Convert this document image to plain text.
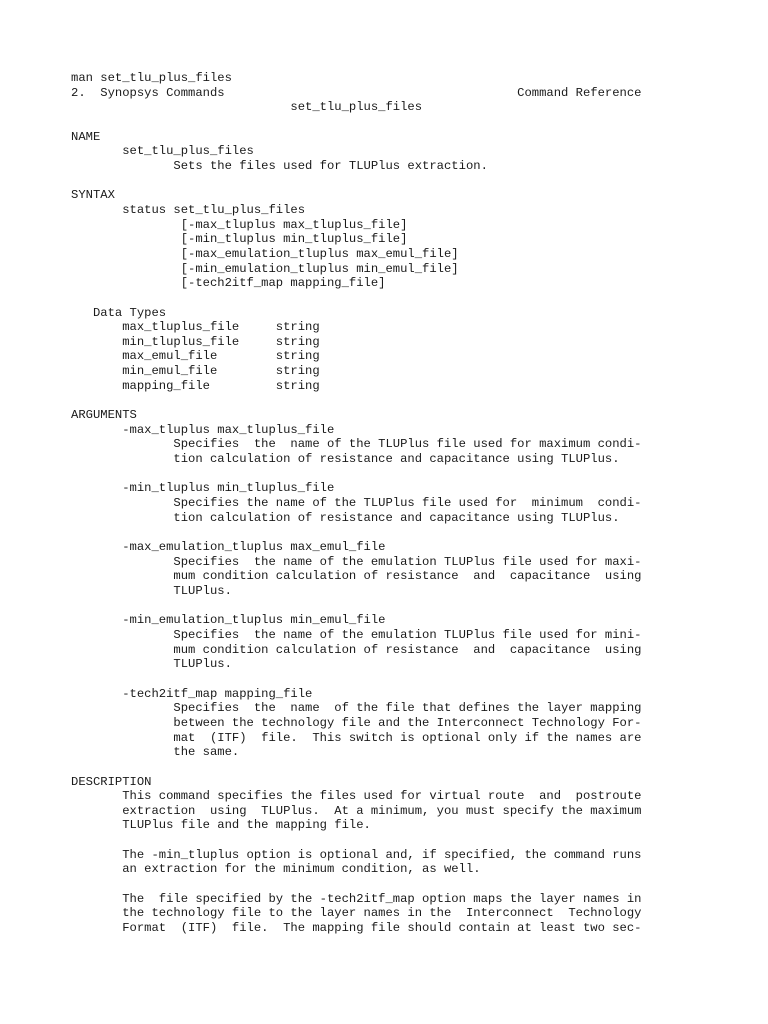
man set_tlu_plus_files
2.  Synopsys Commands                                        Command Reference
set_tlu_plus_files
NAME
set_tlu_plus_files
Sets the files used for TLUPlus extraction.
SYNTAX
status set_tlu_plus_files
[-max_tluplus max_tluplus_file]
[-min_tluplus min_tluplus_file]
[-max_emulation_tluplus max_emul_file]
[-min_emulation_tluplus min_emul_file]
[-tech2itf_map mapping_file]
Data Types
max_tluplus_file     string
min_tluplus_file     string
max_emul_file        string
min_emul_file        string
mapping_file         string
ARGUMENTS
-max_tluplus max_tluplus_file
Specifies  the  name of the TLUPlus file used for maximum condi-
tion calculation of resistance and capacitance using TLUPlus.
-min_tluplus min_tluplus_file
Specifies the name of the TLUPlus file used for  minimum  condi-
tion calculation of resistance and capacitance using TLUPlus.
-max_emulation_tluplus max_emul_file
Specifies  the name of the emulation TLUPlus file used for maxi-
mum condition calculation of resistance  and  capacitance  using
TLUPlus.
-min_emulation_tluplus min_emul_file
Specifies  the name of the emulation TLUPlus file used for mini-
mum condition calculation of resistance  and  capacitance  using
TLUPlus.
-tech2itf_map mapping_file
Specifies  the  name  of the file that defines the layer mapping
between the technology file and the Interconnect Technology For-
mat  (ITF)  file.  This switch is optional only if the names are
the same.
DESCRIPTION
This command specifies the files used for virtual route  and  postroute
extraction  using  TLUPlus.  At a minimum, you must specify the maximum
TLUPlus file and the mapping file.
The -min_tluplus option is optional and, if specified, the command runs
an extraction for the minimum condition, as well.
The  file specified by the -tech2itf_map option maps the layer names in
the technology file to the layer names in the  Interconnect  Technology
Format  (ITF)  file.  The mapping file should contain at least two sec-
